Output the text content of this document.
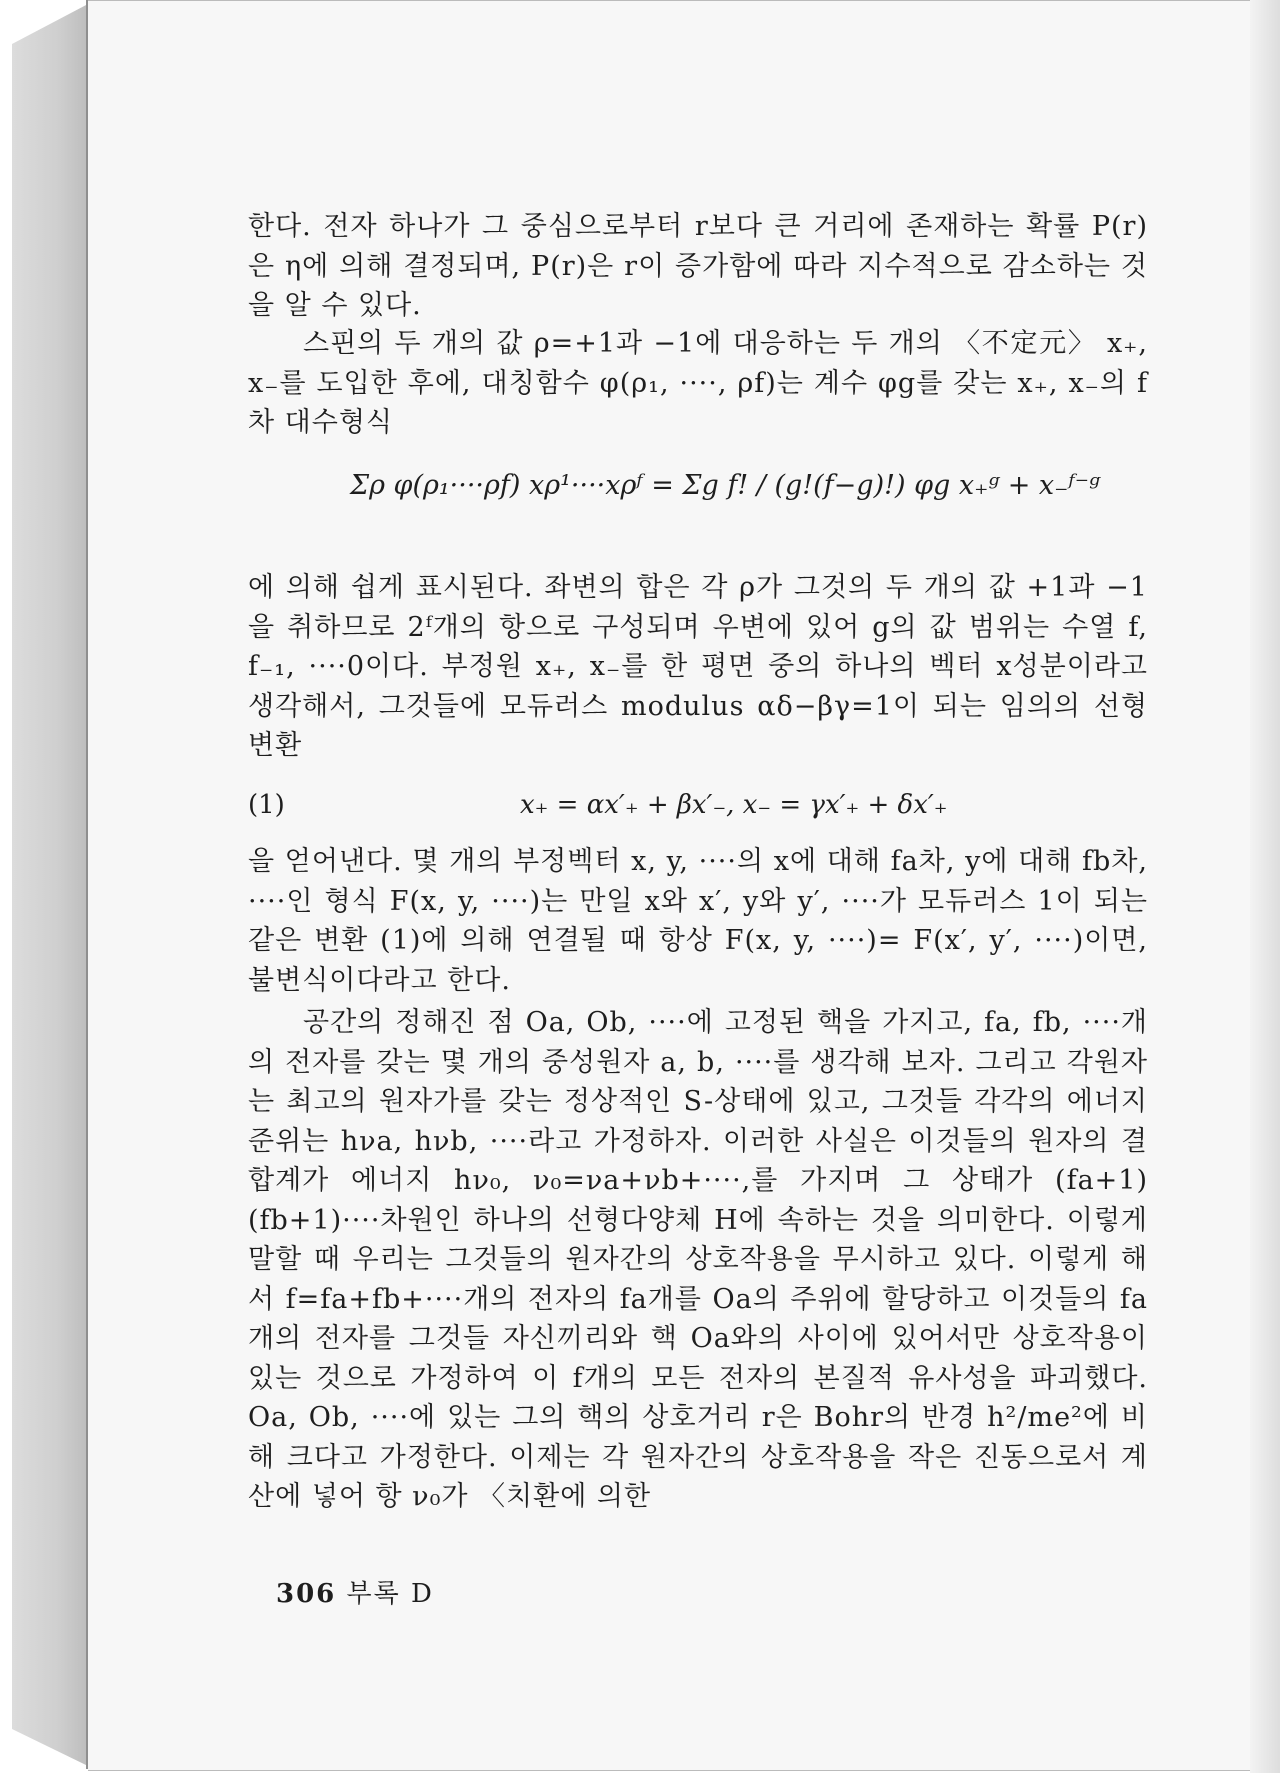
한다. 전자 하나가 그 중심으로부터 r보다 큰 거리에 존재하는 확률 P(r)은 η에 의해 결정되며, P(r)은 r이 증가함에 따라 지수적으로 감소하는 것을 알 수 있다.

스핀의 두 개의 값 ρ=+1과 −1에 대응하는 두 개의 〈不定元〉 x₊, x₋를 도입한 후에, 대칭함수 φ(ρ₁, ····, ρf)는 계수 φg를 갖는 x₊, x₋의 f차 대수형식

Σρ φ(ρ₁····ρf) xρ¹····xρᶠ = Σg f! / (g!(f−g)!) φg x₊ᵍ + x₋ᶠ⁻ᵍ

에 의해 쉽게 표시된다. 좌변의 합은 각 ρ가 그것의 두 개의 값 +1과 −1을 취하므로 2ᶠ개의 항으로 구성되며 우변에 있어 g의 값 범위는 수열 f, f₋₁, ····0이다. 부정원 x₊, x₋를 한 평면 중의 하나의 벡터 x성분이라고 생각해서, 그것들에 모듀러스 modulus αδ−βγ=1이 되는 임의의 선형변환

(1)	x₊ = αx′₊ + βx′₋, x₋ = γx′₊ + δx′₊

을 얻어낸다. 몇 개의 부정벡터 x, y, ····의 x에 대해 fa차, y에 대해 fb차, ····인 형식 F(x, y, ····)는 만일 x와 x′, y와 y′, ····가 모듀러스 1이 되는 같은 변환 (1)에 의해 연결될 때 항상 F(x, y, ····)= F(x′, y′, ····)이면, 불변식이다라고 한다.

공간의 정해진 점 Oa, Ob, ····에 고정된 핵을 가지고, fa, fb, ····개의 전자를 갖는 몇 개의 중성원자 a, b, ····를 생각해 보자. 그리고 각원자는 최고의 원자가를 갖는 정상적인 S-상태에 있고, 그것들 각각의 에너지 준위는 hνa, hνb, ····라고 가정하자. 이러한 사실은 이것들의 원자의 결합계가 에너지 hν₀, ν₀=νa+νb+····,를 가지며 그 상태가 (fa+1)(fb+1)····차원인 하나의 선형다양체 H에 속하는 것을 의미한다. 이렇게 말할 때 우리는 그것들의 원자간의 상호작용을 무시하고 있다. 이렇게 해서 f=fa+fb+····개의 전자의 fa개를 Oa의 주위에 할당하고 이것들의 fa개의 전자를 그것들 자신끼리와 핵 Oa와의 사이에 있어서만 상호작용이 있는 것으로 가정하여 이 f개의 모든 전자의 본질적 유사성을 파괴했다. Oa, Ob, ····에 있는 그의 핵의 상호거리 r은 Bohr의 반경 h²/me²에 비해 크다고 가정한다. 이제는 각 원자간의 상호작용을 작은 진동으로서 계산에 넣어 항 ν₀가 〈치환에 의한

306 부록 D
